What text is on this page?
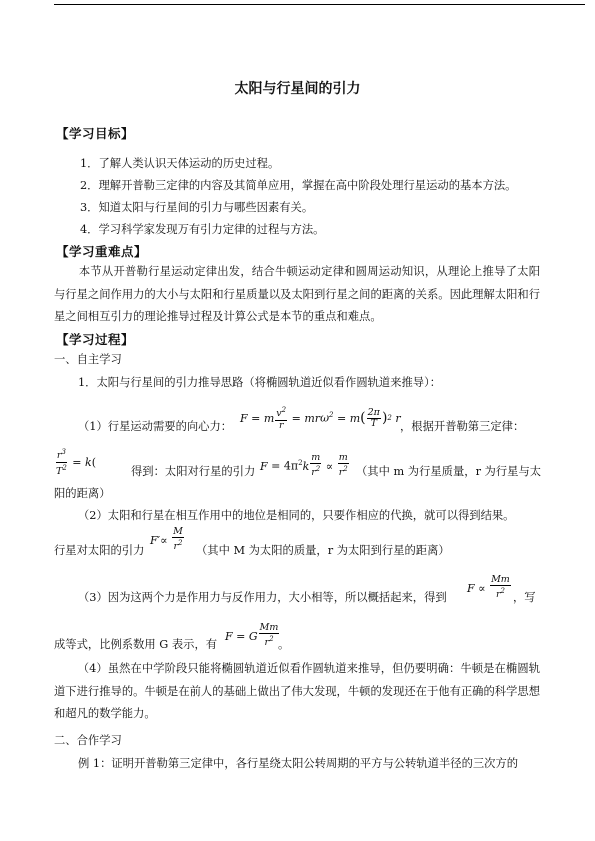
太阳与行星间的引力
【学习目标】
1．了解人类认识天体运动的历史过程。
2．理解开普勒三定律的内容及其简单应用，掌握在高中阶段处理行星运动的基本方法。
3．知道太阳与行星间的引力与哪些因素有关。
4．学习科学家发现万有引力定律的过程与方法。
【学习重难点】
本节从开普勒行星运动定律出发，结合牛顿运动定律和圆周运动知识，从理论上推导了太阳与行星之间作用力的大小与太阳和行星质量以及太阳到行星之间的距离的关系。因此理解太阳和行星之间相互引力的理论推导过程及计算公式是本节的重点和难点。
【学习过程】
一、自主学习
1．太阳与行星间的引力推导思路（将椭圆轨道近似看作圆轨道来推导）：
（1）行星运动需要的向心力：
F = m $\frac{v^2}{r}$ = mr $\omega^2 = m$ ( $\frac{2\pi}{T}$ ) 2 r
，根据开普勒第三定律：
$\frac{r^3}{T^2} = k$ (
得到：太阳对行星的引力 $F = 4\pi^2$ k $\frac{m}{r^2} \propto \frac{m}{r^2}$ （其中 m 为行星质量，r 为行星与太
阳的距离）
（2）太阳和行星在相互作用中的地位是相同的，只要作相应的代换，就可以得到结果。
行星对太阳的引力
F ′∝ $\frac{M}{r^2}$ （其中 M 为太阳的质量，r 为太阳到行星的距离）
（3）因为这两个力是作用力与反作用力，大小相等，所以概括起来，得到
$F \propto \frac{Mm}{r^2}$ ，写
成等式，比例系数用 G 表示，有
F = G $\frac{Mm}{r^2}$
。
（4）虽然在中学阶段只能将椭圆轨道近似看作圆轨道来推导，但仍要明确：牛顿是在椭圆轨道下进行推导的。牛顿是在前人的基础上做出了伟大发现，牛顿的发现还在于他有正确的科学思想和超凡的数学能力。
二、合作学习
例 1：证明开普勒第三定律中，各行星绕太阳公转周期的平方与公转轨道半径的三次方的
